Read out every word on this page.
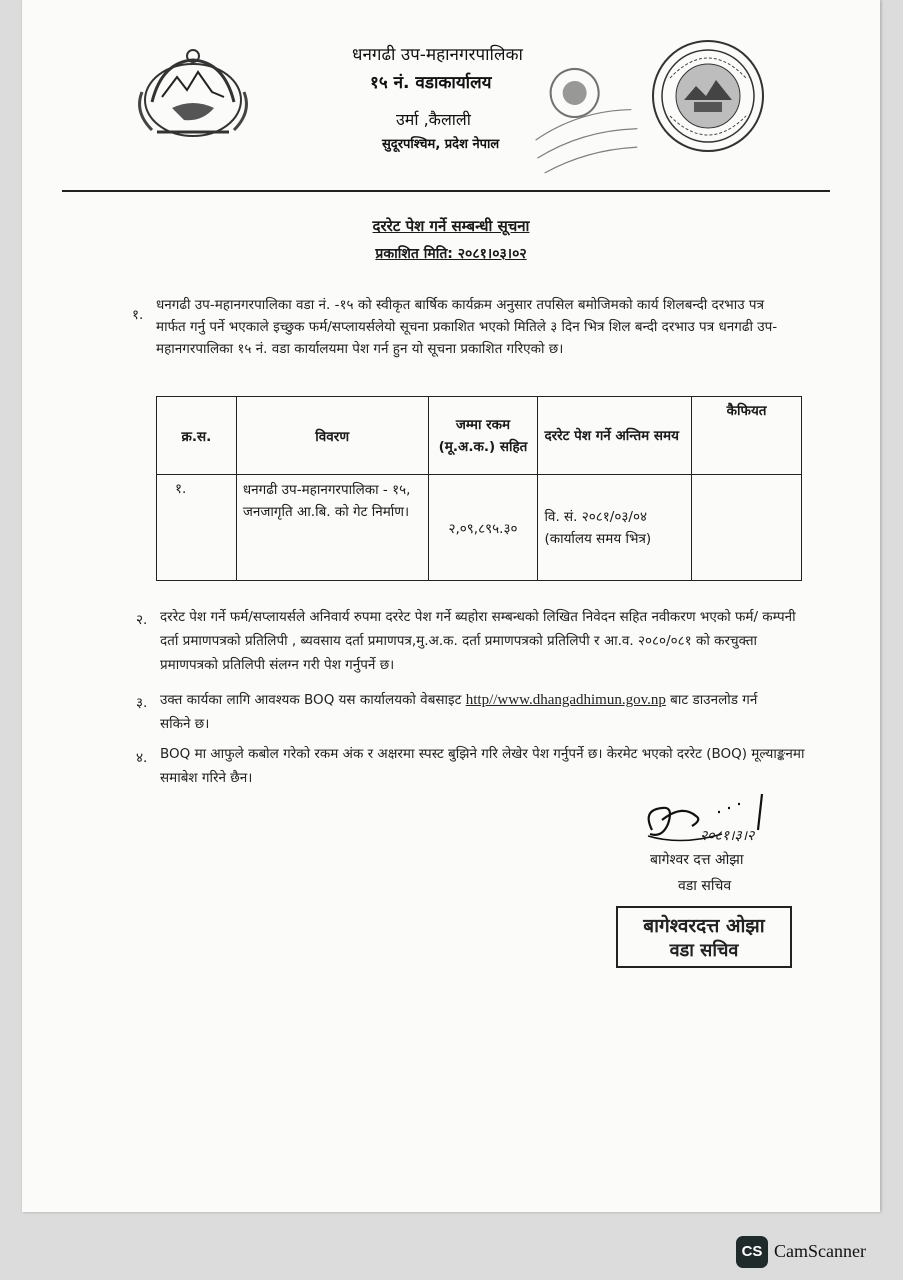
धनगढी उप-महानगरपालिका
१५ नं. वडाकार्यालय
उर्मा ,कैलाली
सुदूरपश्चिम, प्रदेश नेपाल
दररेट पेश गर्ने सम्बन्धी सूचना
प्रकाशित मिति: २०८१।०३।०२
१.
धनगढी उप-महानगरपालिका वडा नं. -१५ को स्वीकृत बार्षिक कार्यक्रम अनुसार तपसिल बमोजिमको कार्य शिलबन्दी दरभाउ पत्र मार्फत गर्नु पर्ने भएकाले इच्छुक फर्म/सप्लायर्सलेयो सूचना प्रकाशित भएको मितिले ३ दिन भित्र शिल बन्दी दरभाउ पत्र धनगढी उप-महानगरपालिका १५ नं. वडा कार्यालयमा पेश गर्न हुन यो सूचना प्रकाशित गरिएको छ।
क्र.स.	विवरण	जम्मा रकम (मू.अ.क.) सहित	दररेट पेश गर्ने अन्तिम समय	कैफियत
१.	धनगढी उप-महानगरपालिका - १५, जनजागृति आ.बि. को गेट निर्माण।	२,०९,८९५.३०	वि. सं. २०८१/०३/०४ (कार्यालय समय भित्र)	
२. दररेट पेश गर्ने फर्म/सप्लायर्सले अनिवार्य रुपमा दररेट पेश गर्ने ब्यहोरा सम्बन्धको लिखित निवेदन सहित नवीकरण भएको फर्म/ कम्पनी दर्ता प्रमाणपत्रको प्रतिलिपी , ब्यवसाय दर्ता प्रमाणपत्र,मु.अ.क. दर्ता प्रमाणपत्रको प्रतिलिपी र आ.व. २०८०/०८१ को करचुक्ता प्रमाणपत्रको प्रतिलिपी संलग्न गरी पेश गर्नुपर्ने छ।
३. उक्त कार्यका लागि आवश्यक BOQ यस कार्यालयको वेबसाइट http//www.dhangadhimun.gov.np बाट डाउनलोड गर्न सकिने छ।
४. BOQ मा आफुले कबोल गरेको रकम अंक र अक्षरमा स्पस्ट बुझिने गरि लेखेर पेश गर्नुपर्ने छ। केरमेट भएको दररेट (BOQ) मूल्याङ्कनमा समाबेश गरिने छैन।
२०८१।३।२
बागेश्वर दत्त ओझा
वडा सचिव
बागेश्वरदत्त ओझा
वडा सचिव
CS CamScanner
